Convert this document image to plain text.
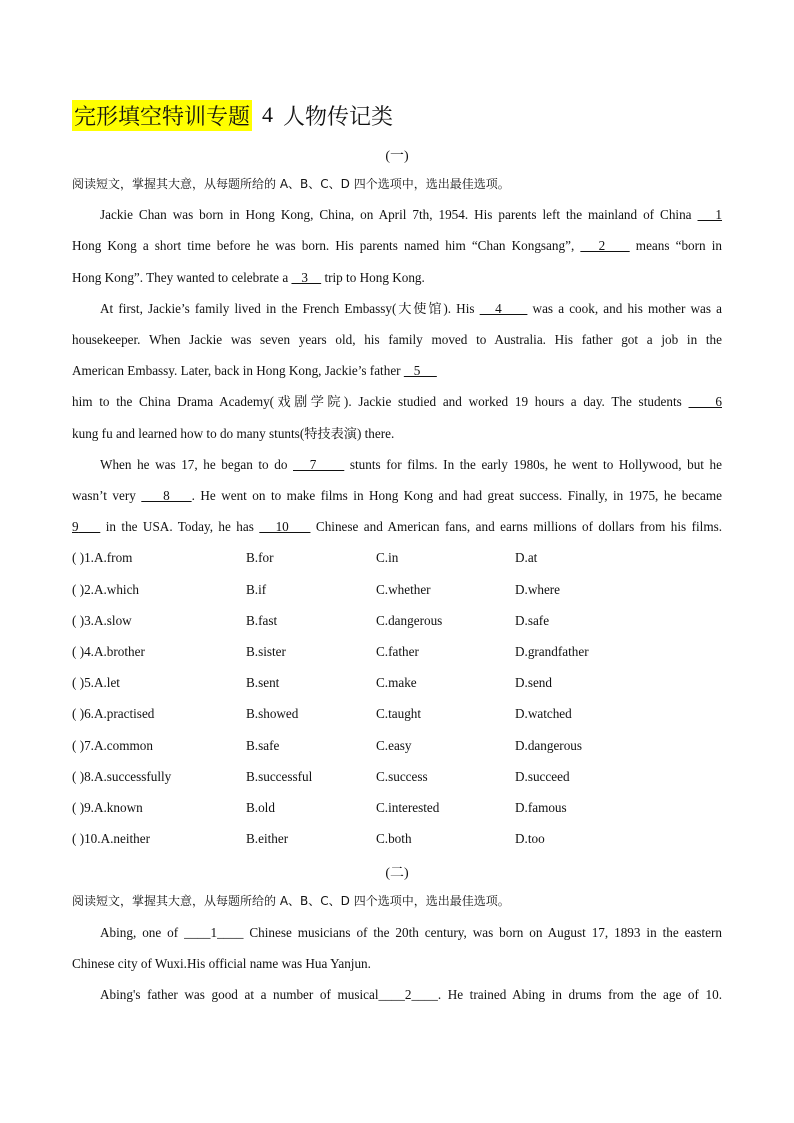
完形填空特训专题 4 人物传记类
(一)
阅读短文，掌握其大意，从每题所给的 A、B、C、D 四个选项中，选出最佳选项。
Jackie Chan was born in Hong Kong, China, on April 7th, 1954. His parents left the mainland of China    1
Hong Kong a short time before he was born. His parents named him “Chan Kongsang”,    2     means “born in
Hong Kong”. They wanted to celebrate a    3     trip to Hong Kong.
At first, Jackie’s family lived in the French Embassy(大使馆). His    4      was a cook, and his mother was a
housekeeper. When Jackie was seven years old, his family moved to Australia. His father got a job in the
American Embassy. Later, back in Hong Kong, Jackie’s father    5
him to the China Drama Academy(戏剧学院). Jackie studied and worked 19 hours a day. The students     6
kung fu and learned how to do many stunts(特技表演) there.
When he was 17, he began to do    7      stunts for films. In the early 1980s, he went to Hollywood, but he
wasn’t very     8    . He went on to make films in Hong Kong and had great success. Finally, in 1975, he became
9     in the USA. Today, he has    10     Chinese and American fans, and earns millions of dollars from his films.
( )1.A.from	B.for	C.in	D.at
( )2.A.which	B.if	C.whether	D.where
( )3.A.slow	B.fast	C.dangerous	D.safe
( )4.A.brother	B.sister	C.father	D.grandfather
( )5.A.let	B.sent	C.make	D.send
( )6.A.practised	B.showed	C.taught	D.watched
( )7.A.common	B.safe	C.easy	D.dangerous
( )8.A.successfully	B.successful	C.success	D.succeed
( )9.A.known	B.old	C.interested	D.famous
( )10.A.neither	B.either	C.both	D.too
(二)
阅读短文，掌握其大意，从每题所给的 A、B、C、D 四个选项中，选出最佳选项。
Abing, one of ____1____ Chinese musicians of the 20th century, was born on August 17, 1893 in the eastern
Chinese city of Wuxi.His official name was Hua Yanjun.
Abing's father was good at a number of musical____2____. He trained Abing in drums from the age of 10.
